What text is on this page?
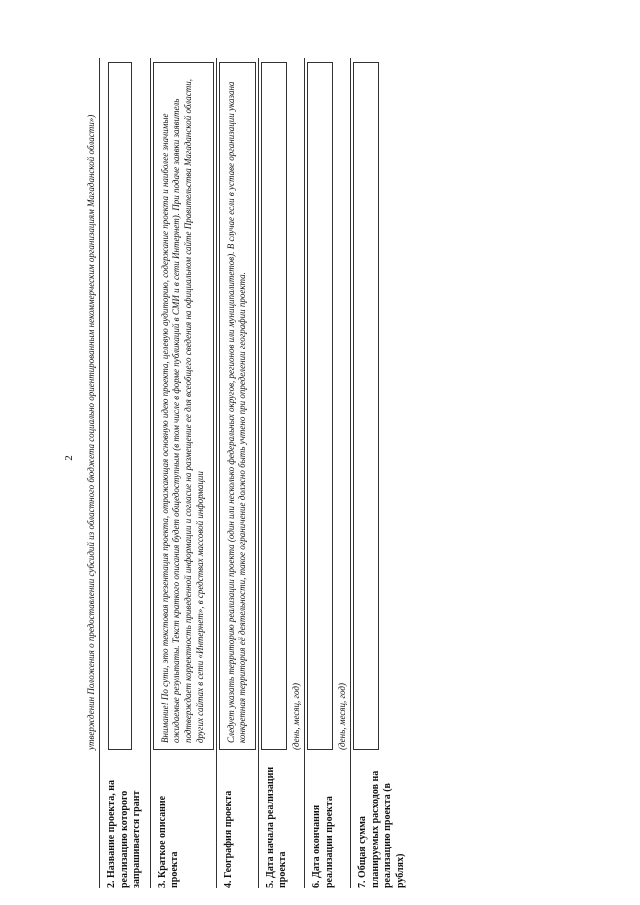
2

	утвержденин Положения о предоставлении субсидий из областного бюджета социально ориентированным некоммерческим организациям Магаданской области»)

2. Название проекта, на реализацию которого запрашивается грант	

3. Краткое описание проекта	Внимание! По сути, это текстовая презентация проекта, отражающая основную идею проекта, целевую аудиторию, содержание проекта и наиболее значимые ожидаемые результаты. Текст краткого описания будет общедоступным (в том числе в форме публикаций в СМИ и в сети Интернет). При подаче заявки заявитель подтверждает корректность приведенной информации и согласие на размещение ее для всеобщего сведения на официальном сайте Правительства Магаданской области, других сайтах в сети «Интернет», в средствах массовой информации

4. География проекта	Следует указать территорию реализации проекта (один или несколько федеральных округов, регионов или муниципалитетов). В случае если в уставе организации указана конкретная территория её деятельности, такое ограничение должно быть учтено при определении географии проекта.

5. Дата начала реализации проекта	(день, месяц, год)

6. Дата окончания реализации проекта	(день, месяц, год)

7. Общая сумма планируемых расходов на реализацию проекта (в рублях)	
